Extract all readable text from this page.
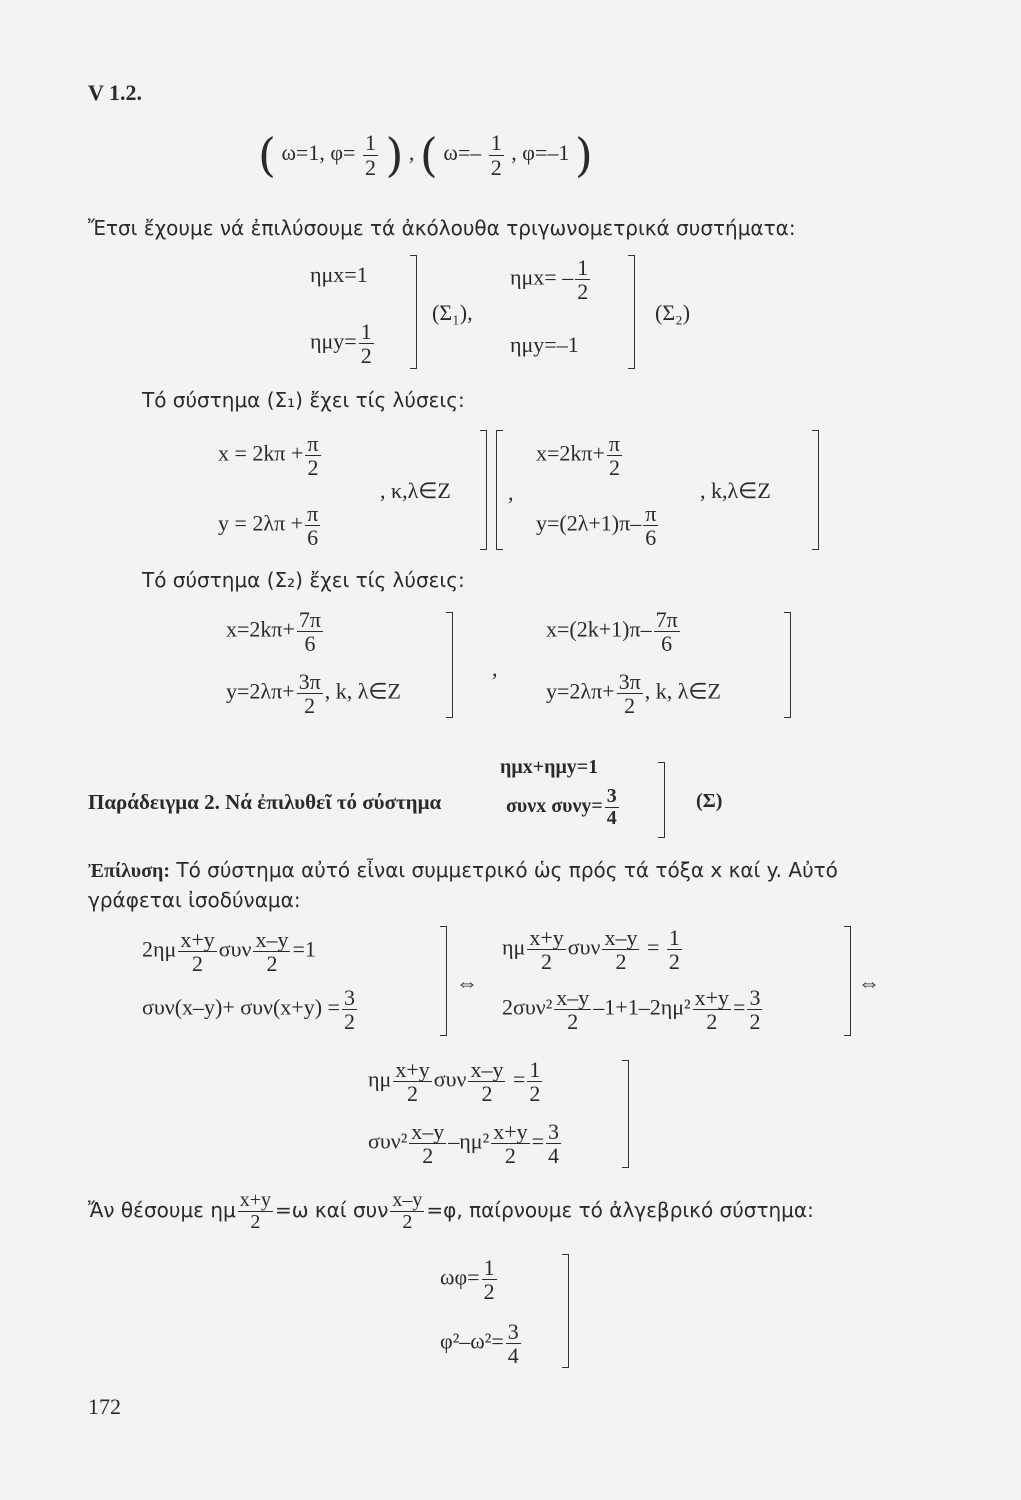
V 1.2.
( ω=1, $\varphi= \frac{1}{2}$ ) , ( $\omega=- \frac{1}{2}$ , φ=–1 )
Ἔτσι ἔχουμε νά ἐπιλύσουμε τά ἀκόλουθα τριγωνομετρικά συστήματα:
ημx=1
$\eta\mu y= \frac{1}{2}$
(Σ₁),
$\eta\mu x= - \frac{1}{2}$
ημy=–1
(Σ₂)
Τό σύστημα (Σ₁) ἔχει τίς λύσεις:
$x = 2k\pi + \frac{\pi}{2}$
$y = 2\lambda\pi + \frac{\pi}{6}$
, κ,λ∈Z	,
$x=2k\pi+ \frac{\pi}{2}$
$y=(2\lambda+1)\pi- \frac{\pi}{6}$
, k,λ∈Z
Τό σύστημα (Σ₂) ἔχει τίς λύσεις:
$x=2k\pi+ \frac{7\pi}{6}$
$y=2\lambda\pi+ \frac{3\pi}{2}$ , k, λ∈Z
,
$x=(2k+1)\pi- \frac{7\pi}{6}$
$y=2\lambda\pi+ \frac{3\pi}{2}$ , k, λ∈Z
ημx+ημy=1
Παράδειγμα 2. Νά ἐπιλυθεῖ τό σύστημα	συνx $\sigma\upsilon\nu y= \frac{3}{4}$	(Σ)
Ἐπίλυση: Τό σύστημα αὐτό εἶναι συμμετρικό ὡς πρός τά τόξα x καί y. Αὐτό
γράφεται ἰσοδύναμα:
$2\eta\mu \frac{x+y}{2}$ συν $\frac{x-y}{2} =1$
$\sigma\upsilon\nu(x-y)+ \sigma\upsilon\nu(x+y) = \frac{3}{2}$
⇔
ημ $\frac{x+y}{2}$ συν $\frac{x-y}{2} = \frac{1}{2}$
$2\sigma\upsilon\nu^2 \frac{x-y}{2} -1+1-2\eta\mu^2 \frac{x+y}{2} = \frac{3}{2}$
⇔
ημ $\frac{x+y}{2}$ συν $\frac{x-y}{2} = \frac{1}{2}$
$\sigma\upsilon\nu^2 \frac{x-y}{2} -\eta\mu^2 \frac{x+y}{2} = \frac{3}{4}$
Ἄν θέσουμε ημ $\frac{x+y}{2} =\omega$ καί συν $\frac{x-y}{2} =\varphi$, παίρνουμε τό ἀλγεβρικό σύστημα:
$\omega\varphi= \frac{1}{2}$
$\varphi^2-\omega^2= \frac{3}{4}$
172
